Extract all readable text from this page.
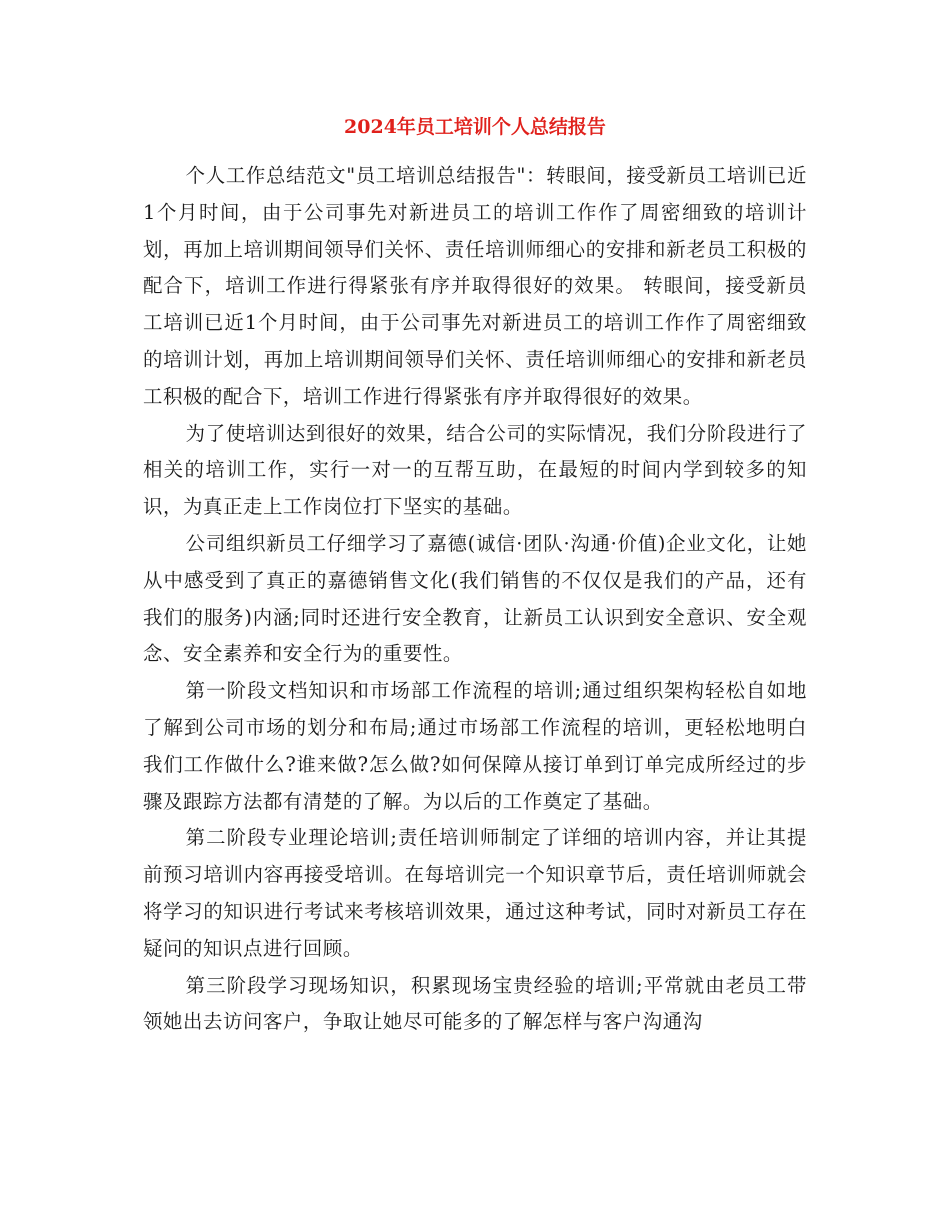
2024年员工培训个人总结报告

个人工作总结范文"员工培训总结报告"：转眼间，接受新员工培训已近1个月时间，由于公司事先对新进员工的培训工作作了周密细致的培训计划，再加上培训期间领导们关怀、责任培训师细心的安排和新老员工积极的配合下，培训工作进行得紧张有序并取得很好的效果。 转眼间，接受新员工培训已近1个月时间，由于公司事先对新进员工的培训工作作了周密细致的培训计划，再加上培训期间领导们关怀、责任培训师细心的安排和新老员工积极的配合下，培训工作进行得紧张有序并取得很好的效果。

为了使培训达到很好的效果，结合公司的实际情况，我们分阶段进行了相关的培训工作，实行一对一的互帮互助，在最短的时间内学到较多的知识，为真正走上工作岗位打下坚实的基础。

公司组织新员工仔细学习了嘉德(诚信·团队·沟通·价值)企业文化，让她从中感受到了真正的嘉德销售文化(我们销售的不仅仅是我们的产品，还有我们的服务)内涵;同时还进行安全教育，让新员工认识到安全意识、安全观念、安全素养和安全行为的重要性。

第一阶段文档知识和市场部工作流程的培训;通过组织架构轻松自如地了解到公司市场的划分和布局;通过市场部工作流程的培训，更轻松地明白我们工作做什么?谁来做?怎么做?如何保障从接订单到订单完成所经过的步骤及跟踪方法都有清楚的了解。为以后的工作奠定了基础。

第二阶段专业理论培训;责任培训师制定了详细的培训内容，并让其提前预习培训内容再接受培训。在每培训完一个知识章节后，责任培训师就会将学习的知识进行考试来考核培训效果，通过这种考试，同时对新员工存在疑问的知识点进行回顾。

第三阶段学习现场知识，积累现场宝贵经验的培训;平常就由老员工带领她出去访问客户，争取让她尽可能多的了解怎样与客户沟通沟
